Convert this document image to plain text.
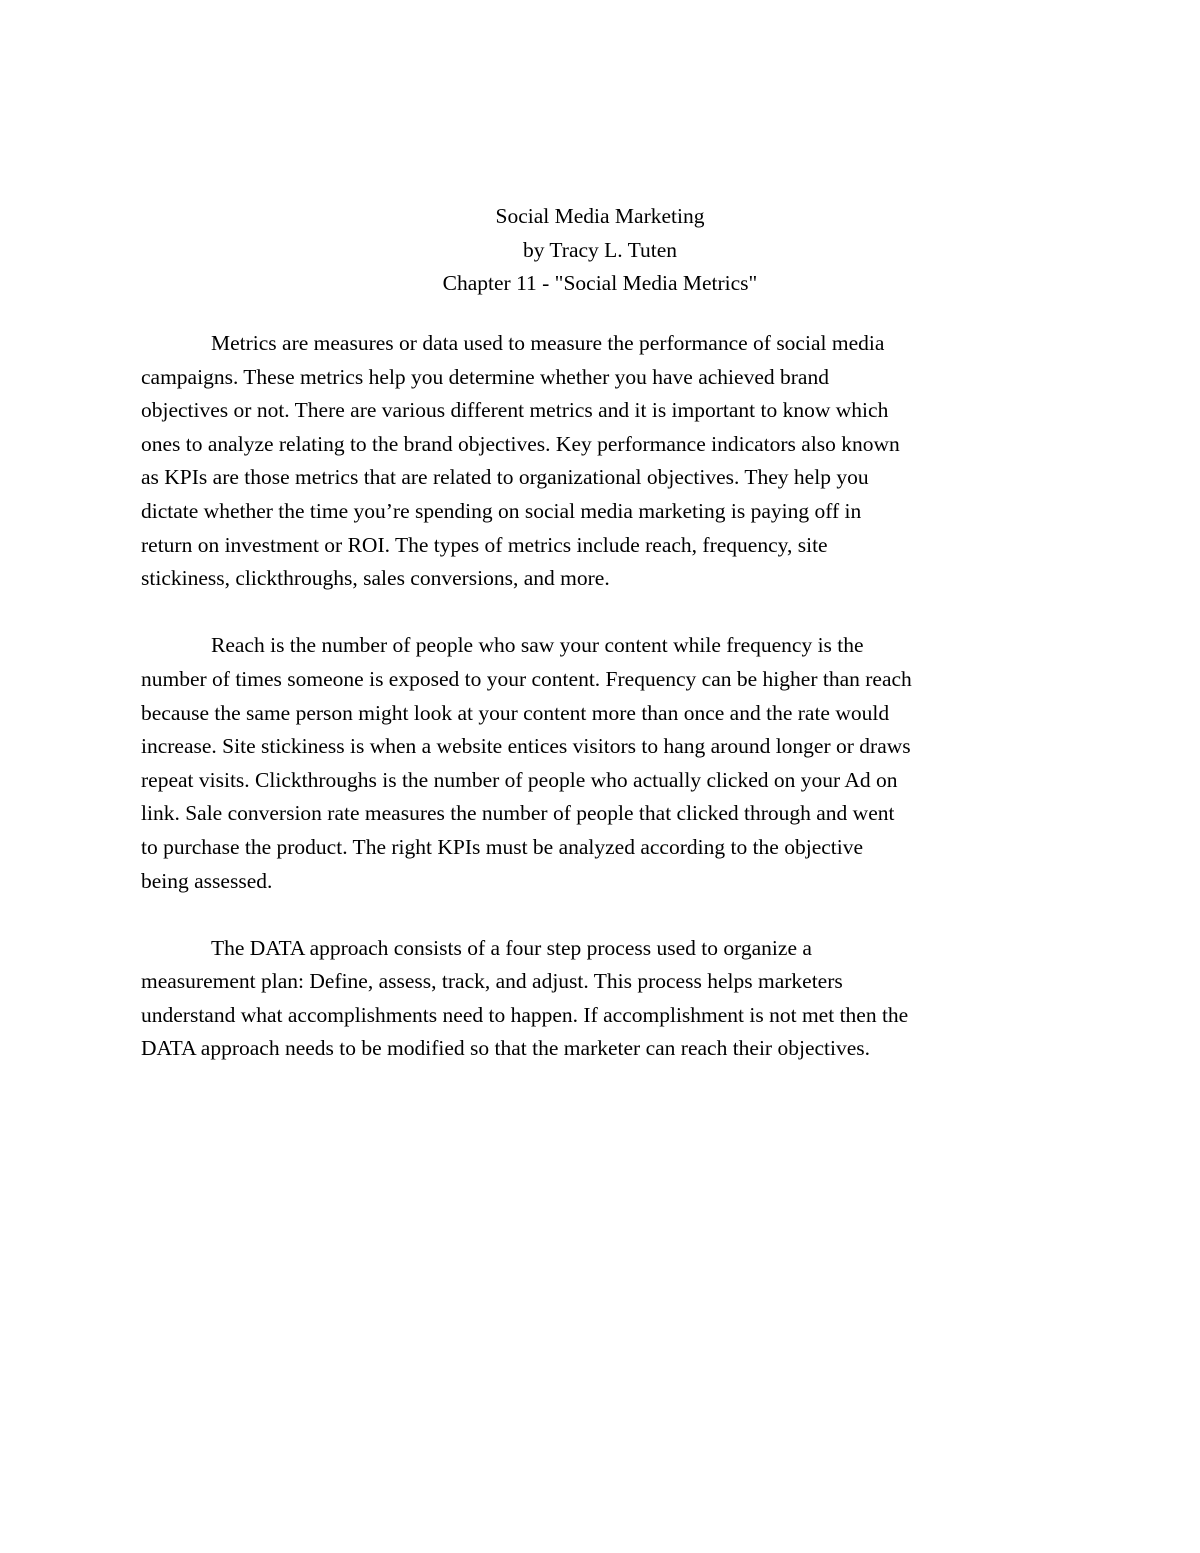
Social Media Marketing
by Tracy L. Tuten
Chapter 11 - "Social Media Metrics"
Metrics are measures or data used to measure the performance of social media
campaigns. These metrics help you determine whether you have achieved brand
objectives or not. There are various different metrics and it is important to know which
ones to analyze relating to the brand objectives. Key performance indicators also known
as KPIs are those metrics that are related to organizational objectives. They help you
dictate whether the time you’re spending on social media marketing is paying off in
return on investment or ROI. The types of metrics include reach, frequency, site
stickiness, clickthroughs, sales conversions, and more.
Reach is the number of people who saw your content while frequency is the
number of times someone is exposed to your content. Frequency can be higher than reach
because the same person might look at your content more than once and the rate would
increase. Site stickiness is when a website entices visitors to hang around longer or draws
repeat visits. Clickthroughs is the number of people who actually clicked on your Ad on
link. Sale conversion rate measures the number of people that clicked through and went
to purchase the product. The right KPIs must be analyzed according to the objective
being assessed.
The DATA approach consists of a four step process used to organize a
measurement plan: Define, assess, track, and adjust. This process helps marketers
understand what accomplishments need to happen. If accomplishment is not met then the
DATA approach needs to be modified so that the marketer can reach their objectives.
